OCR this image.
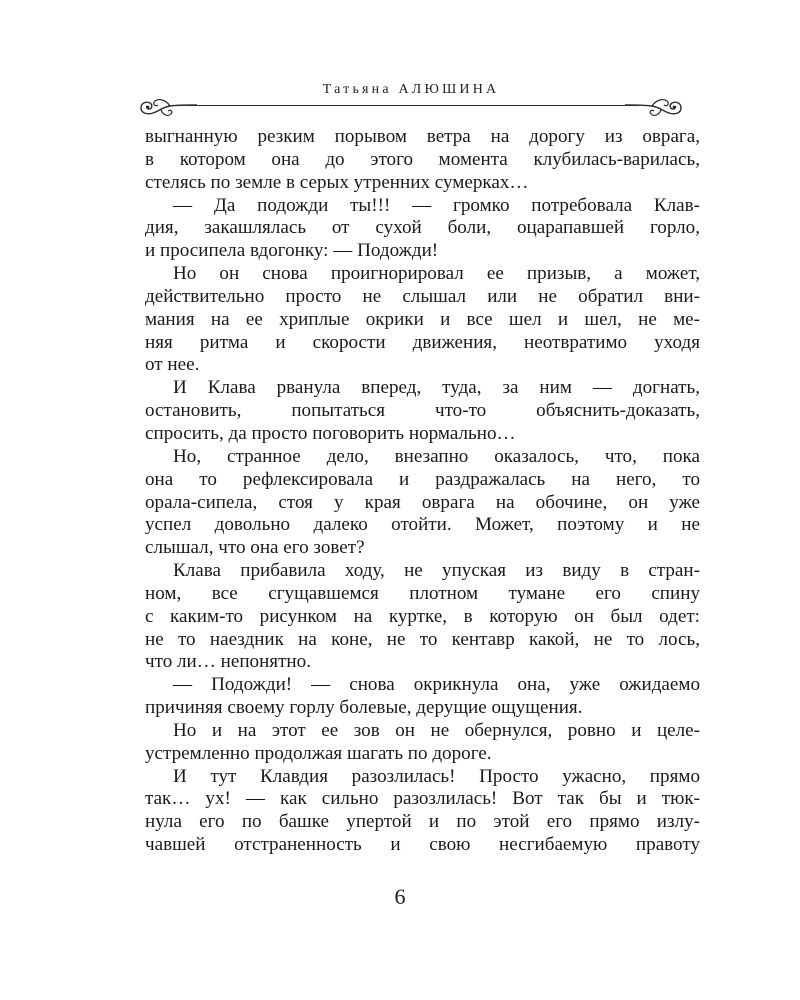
Татьяна АЛЮШИНА
выгнанную резким порывом ветра на дорогу из оврага,
в котором она до этого момента клубилась-варилась,
стелясь по земле в серых утренних сумерках…
— Да подожди ты!!! — громко потребовала Клав-
дия, закашлялась от сухой боли, оцарапавшей горло,
и просипела вдогонку: — Подожди!
Но он снова проигнорировал ее призыв, а может,
действительно просто не слышал или не обратил вни-
мания на ее хриплые окрики и все шел и шел, не ме-
няя ритма и скорости движения, неотвратимо уходя
от нее.
И Клава рванула вперед, туда, за ним — догнать,
остановить, попытаться что-то объяснить-доказать,
спросить, да просто поговорить нормально…
Но, странное дело, внезапно оказалось, что, пока
она то рефлексировала и раздражалась на него, то
орала-сипела, стоя у края оврага на обочине, он уже
успел довольно далеко отойти. Может, поэтому и не
слышал, что она его зовет?
Клава прибавила ходу, не упуская из виду в стран-
ном, все сгущавшемся плотном тумане его спину
с каким-то рисунком на куртке, в которую он был одет:
не то наездник на коне, не то кентавр какой, не то лось,
что ли… непонятно.
— Подожди! — снова окрикнула она, уже ожидаемо
причиняя своему горлу болевые, дерущие ощущения.
Но и на этот ее зов он не обернулся, ровно и целе-
устремленно продолжая шагать по дороге.
И тут Клавдия разозлилась! Просто ужасно, прямо
так… ух! — как сильно разозлилась! Вот так бы и тюк-
нула его по башке упертой и по этой его прямо излу-
чавшей отстраненность и свою несгибаемую правоту
6
